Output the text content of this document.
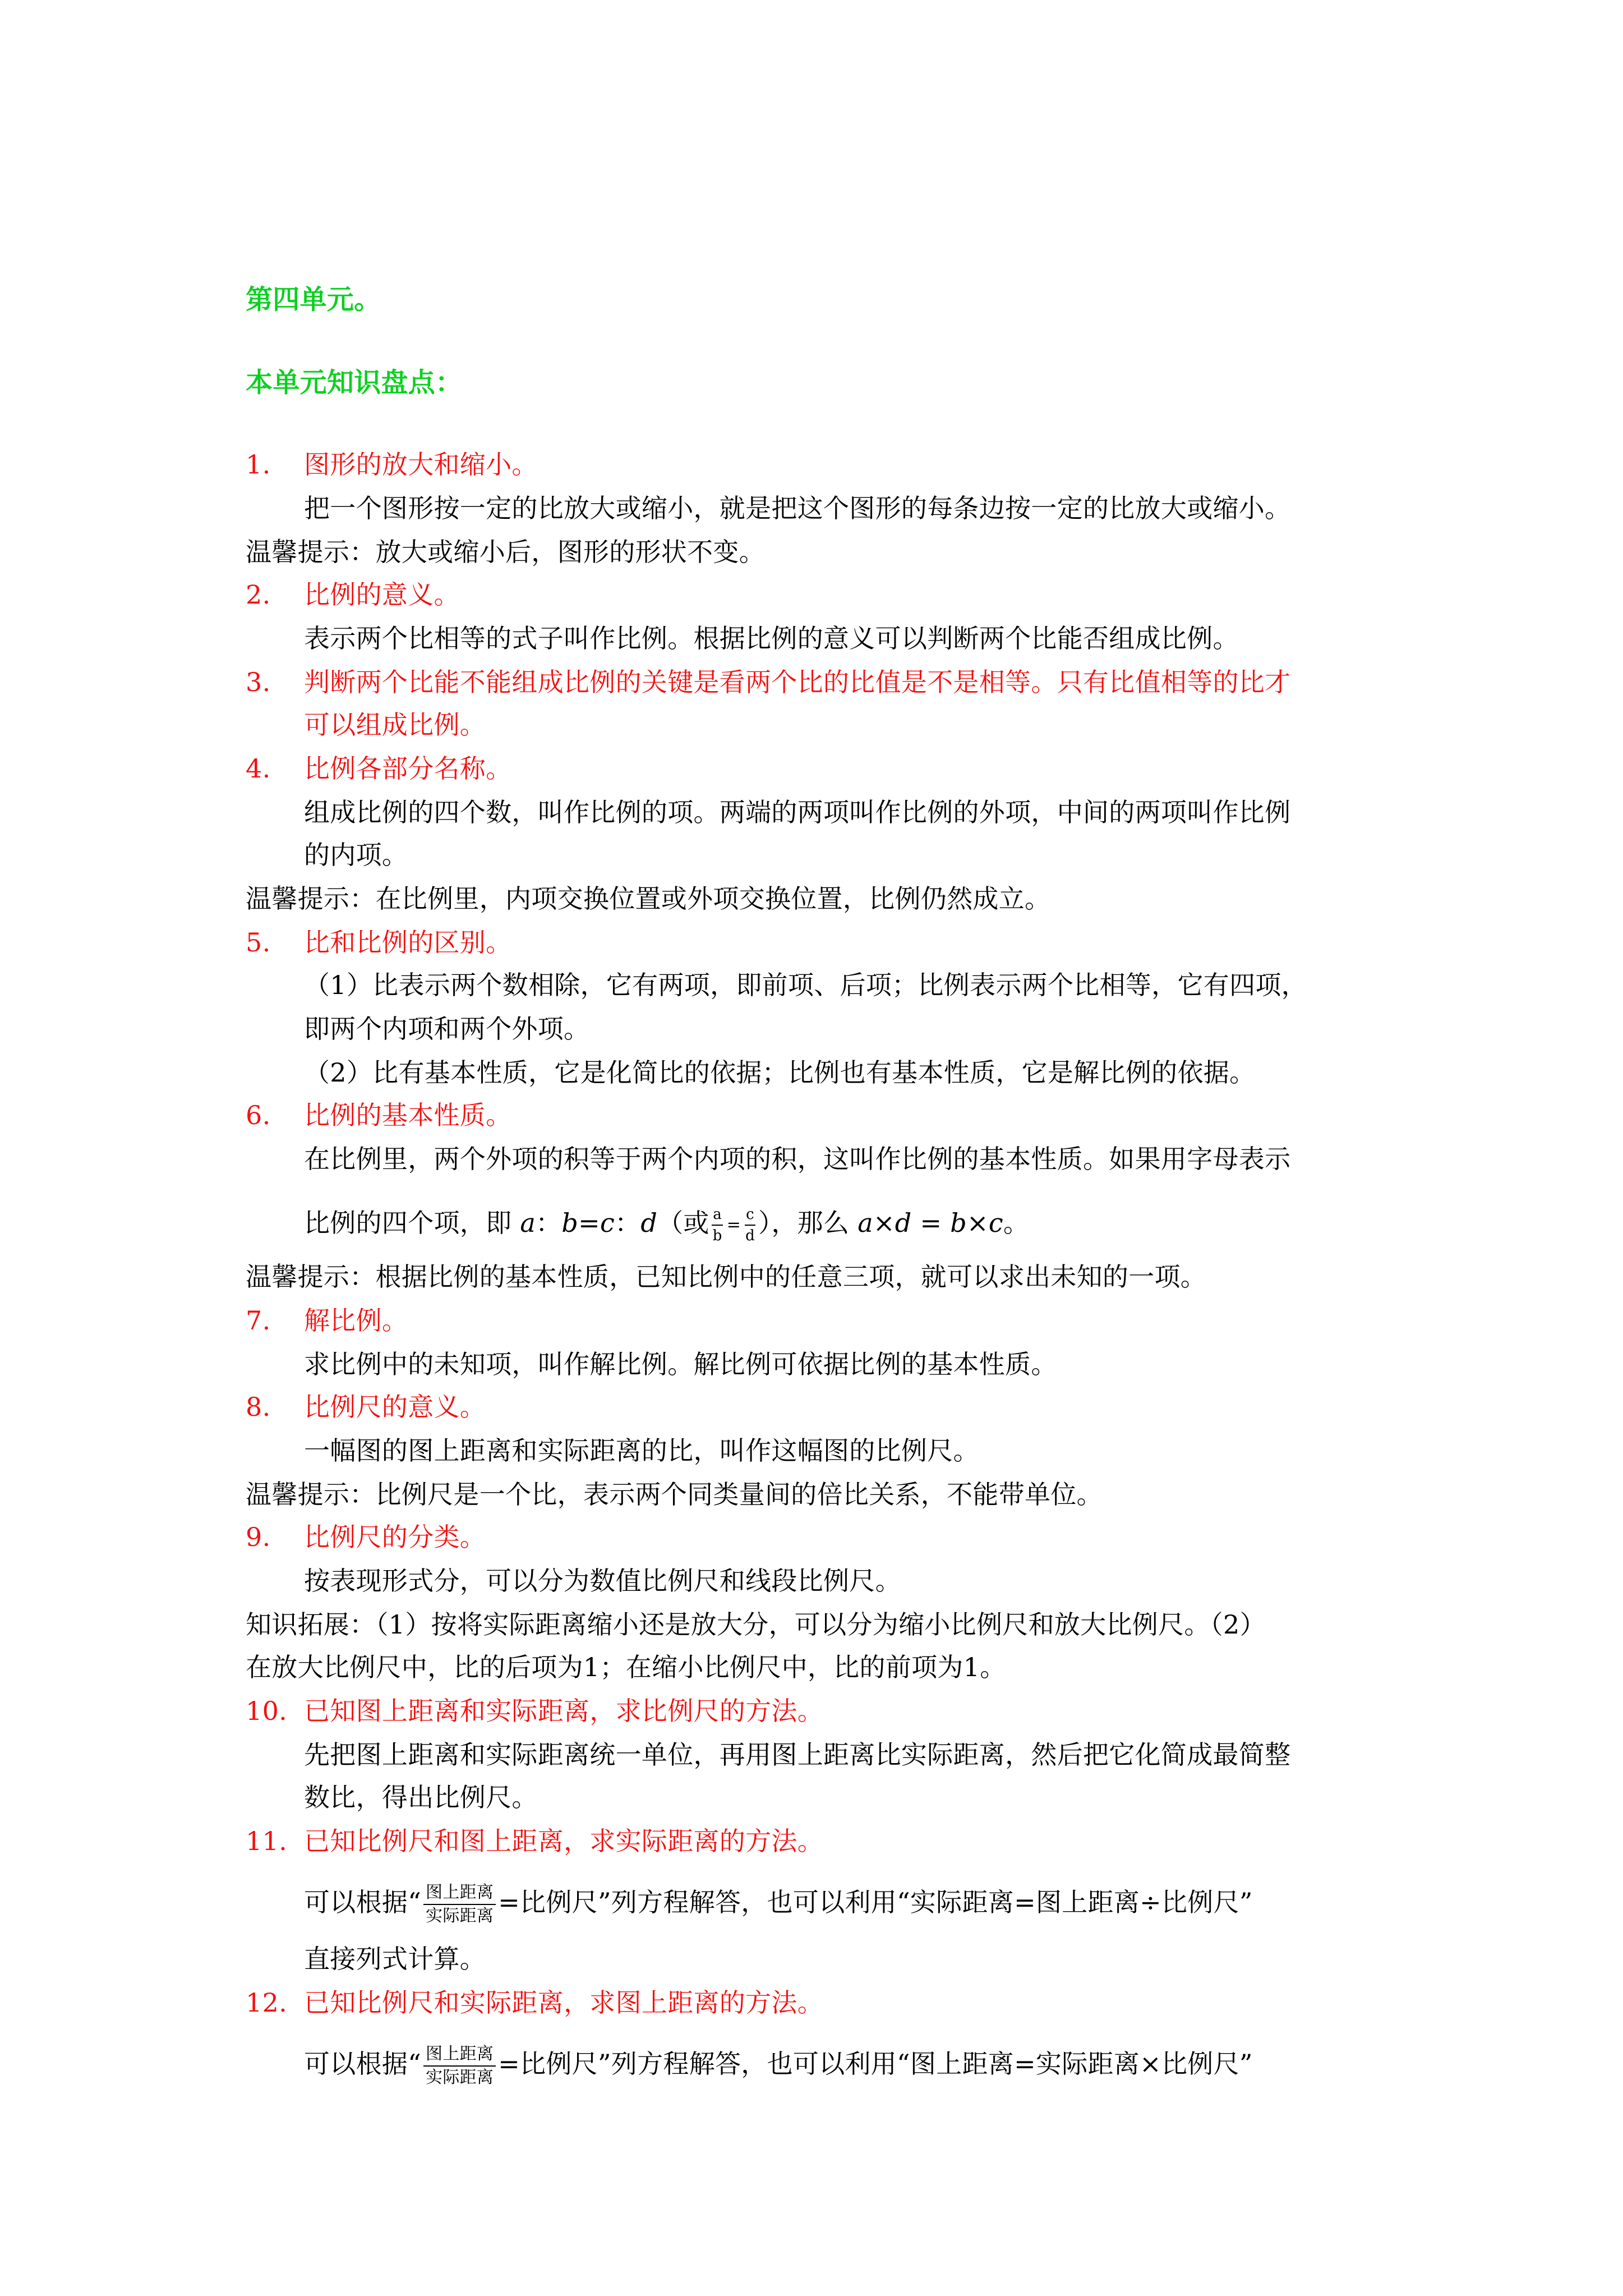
第四单元。
本单元知识盘点：
1. 图形的放大和缩小。
把一个图形按一定的比放大或缩小，就是把这个图形的每条边按一定的比放大或缩小。
温馨提示：放大或缩小后，图形的形状不变。
2. 比例的意义。
表示两个比相等的式子叫作比例。根据比例的意义可以判断两个比能否组成比例。
3. 判断两个比能不能组成比例的关键是看两个比的比值是不是相等。只有比值相等的比才
可以组成比例。
4. 比例各部分名称。
组成比例的四个数，叫作比例的项。两端的两项叫作比例的外项，中间的两项叫作比例
的内项。
温馨提示：在比例里，内项交换位置或外项交换位置，比例仍然成立。
5. 比和比例的区别。
（1）比表示两个数相除，它有两项，即前项、后项；比例表示两个比相等，它有四项，
即两个内项和两个外项。
（2）比有基本性质，它是化简比的依据；比例也有基本性质，它是解比例的依据。
6. 比例的基本性质。
在比例里，两个外项的积等于两个内项的积，这叫作比例的基本性质。如果用字母表示
比例的四个项，即 a：b=c：d（或 $\frac{a}{b} = \frac{c}{d}$ ），那么 a×d = b×c。
温馨提示：根据比例的基本性质，已知比例中的任意三项，就可以求出未知的一项。
7. 解比例。
求比例中的未知项，叫作解比例。解比例可依据比例的基本性质。
8. 比例尺的意义。
一幅图的图上距离和实际距离的比，叫作这幅图的比例尺。
温馨提示：比例尺是一个比，表示两个同类量间的倍比关系，不能带单位。
9. 比例尺的分类。
按表现形式分，可以分为数值比例尺和线段比例尺。
知识拓展：（1）按将实际距离缩小还是放大分，可以分为缩小比例尺和放大比例尺。（2）
在放大比例尺中，比的后项为1；在缩小比例尺中，比的前项为1。
10. 已知图上距离和实际距离，求比例尺的方法。
先把图上距离和实际距离统一单位，再用图上距离比实际距离，然后把它化简成最简整
数比，得出比例尺。
11. 已知比例尺和图上距离，求实际距离的方法。
可以根据“ $\frac{\text{图上距离}}{\text{实际距离}}$ =比例尺”列方程解答，也可以利用“实际距离=图上距离÷比例尺”
直接列式计算。
12. 已知比例尺和实际距离，求图上距离的方法。
可以根据“ $\frac{\text{图上距离}}{\text{实际距离}}$ =比例尺”列方程解答，也可以利用“图上距离=实际距离×比例尺”
